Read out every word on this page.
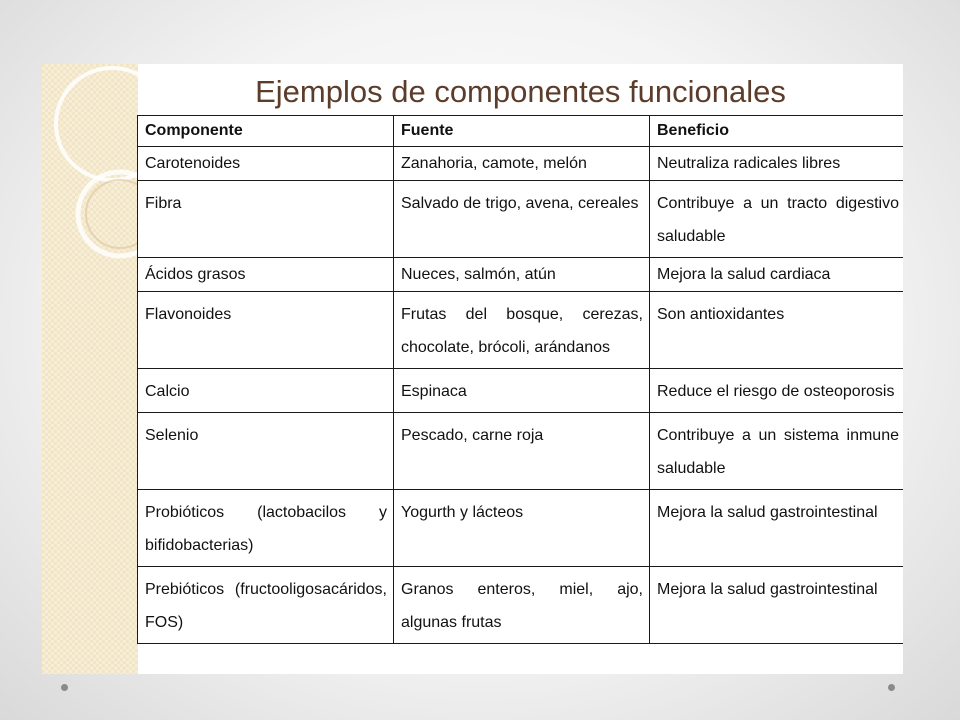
Ejemplos de componentes funcionales
Componente	Fuente	Beneficio
Carotenoides	Zanahoria, camote, melón	Neutraliza radicales libres
Fibra	Salvado de trigo, avena, cereales	Contribuye a un tracto digestivo saludable
Ácidos grasos	Nueces, salmón, atún	Mejora la salud cardiaca
Flavonoides	Frutas del bosque, cerezas, chocolate, brócoli, arándanos	Son antioxidantes
Calcio	Espinaca	Reduce el riesgo de osteoporosis
Selenio	Pescado, carne roja	Contribuye a un sistema inmune saludable
Probióticos (lactobacilos y bifidobacterias)	Yogurth y lácteos	Mejora la salud gastrointestinal
Prebióticos (fructooligosacáridos, FOS)	Granos enteros, miel, ajo, algunas frutas	Mejora la salud gastrointestinal
